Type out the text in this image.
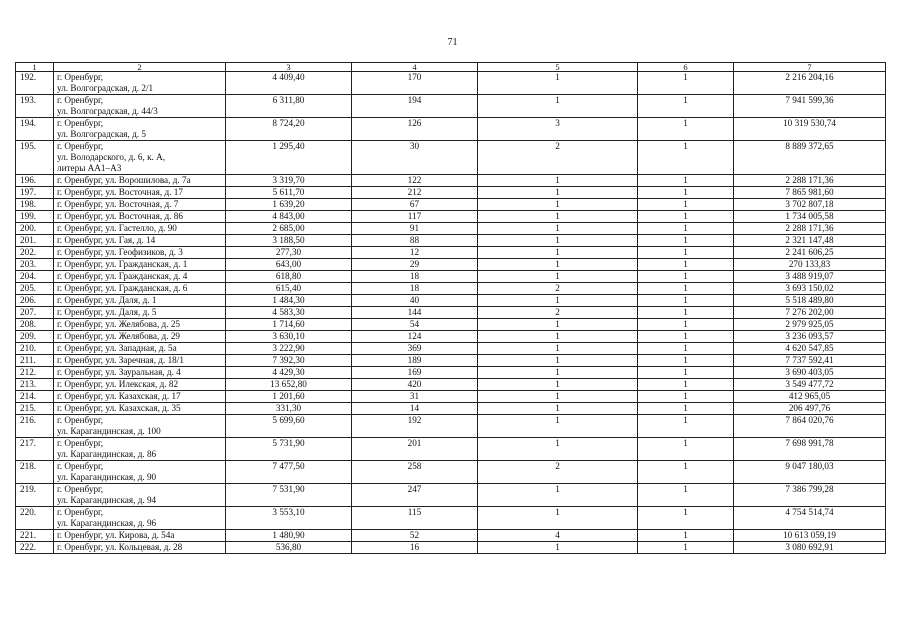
71
1	2	3	4	5	6	7
192.	г. Оренбург,
ул. Волгоградская, д. 2/1	4 409,40	170	1	1	2 216 204,16
193.	г. Оренбург,
ул. Волгоградская, д. 44/3	6 311,80	194	1	1	7 941 599,36
194.	г. Оренбург,
ул. Волгоградская, д. 5	8 724,20	126	3	1	10 319 530,74
195.	г. Оренбург,
ул. Володарского, д. 6, к. А,
литеры АА1–А3	1 295,40	30	2	1	8 889 372,65
196.	г. Оренбург, ул. Ворошилова, д. 7а	3 319,70	122	1	1	2 288 171,36
197.	г. Оренбург, ул. Восточная, д. 17	5 611,70	212	1	1	7 865 981,60
198.	г. Оренбург, ул. Восточная, д. 7	1 639,20	67	1	1	3 702 807,18
199.	г. Оренбург, ул. Восточная, д. 86	4 843,00	117	1	1	1 734 005,58
200.	г. Оренбург, ул. Гастелло, д. 90	2 685,00	91	1	1	2 288 171,36
201.	г. Оренбург, ул. Гая, д. 14	3 188,50	88	1	1	2 321 147,48
202.	г. Оренбург, ул. Геофизиков, д. 3	277,30	12	1	1	2 241 606,25
203.	г. Оренбург, ул. Гражданская, д. 1	643,00	29	1	1	270 133,83
204.	г. Оренбург, ул. Гражданская, д. 4	618,80	18	1	1	3 488 919,07
205.	г. Оренбург, ул. Гражданская, д. 6	615,40	18	2	1	3 693 150,02
206.	г. Оренбург, ул. Даля, д. 1	1 484,30	40	1	1	5 518 489,80
207.	г. Оренбург, ул. Даля, д. 5	4 583,30	144	2	1	7 276 202,00
208.	г. Оренбург, ул. Желябова, д. 25	1 714,60	54	1	1	2 979 925,05
209.	г. Оренбург, ул. Желябова, д. 29	3 630,10	124	1	1	3 236 093,57
210.	г. Оренбург, ул. Западная, д. 5а	3 222,90	369	1	1	4 620 547,85
211.	г. Оренбург, ул. Заречная, д. 18/1	7 392,30	189	1	1	7 737 592,41
212.	г. Оренбург, ул. Зауральная, д. 4	4 429,30	169	1	1	3 690 403,05
213.	г. Оренбург, ул. Илекская, д. 82	13 652,80	420	1	1	3 549 477,72
214.	г. Оренбург, ул. Казахская, д. 17	1 201,60	31	1	1	412 965,05
215.	г. Оренбург, ул. Казахская, д. 35	331,30	14	1	1	206 497,76
216.	г. Оренбург,
ул. Карагандинская, д. 100	5 699,60	192	1	1	7 864 020,76
217.	г. Оренбург,
ул. Карагандинская, д. 86	5 731,90	201	1	1	7 698 991,78
218.	г. Оренбург,
ул. Карагандинская, д. 90	7 477,50	258	2	1	9 047 180,03
219.	г. Оренбург,
ул. Карагандинская, д. 94	7 531,90	247	1	1	7 386 799,28
220.	г. Оренбург,
ул. Карагандинская, д. 96	3 553,10	115	1	1	4 754 514,74
221.	г. Оренбург, ул. Кирова, д. 54а	1 480,90	52	4	1	10 613 059,19
222.	г. Оренбург, ул. Кольцевая, д. 28	536,80	16	1	1	3 080 692,91
